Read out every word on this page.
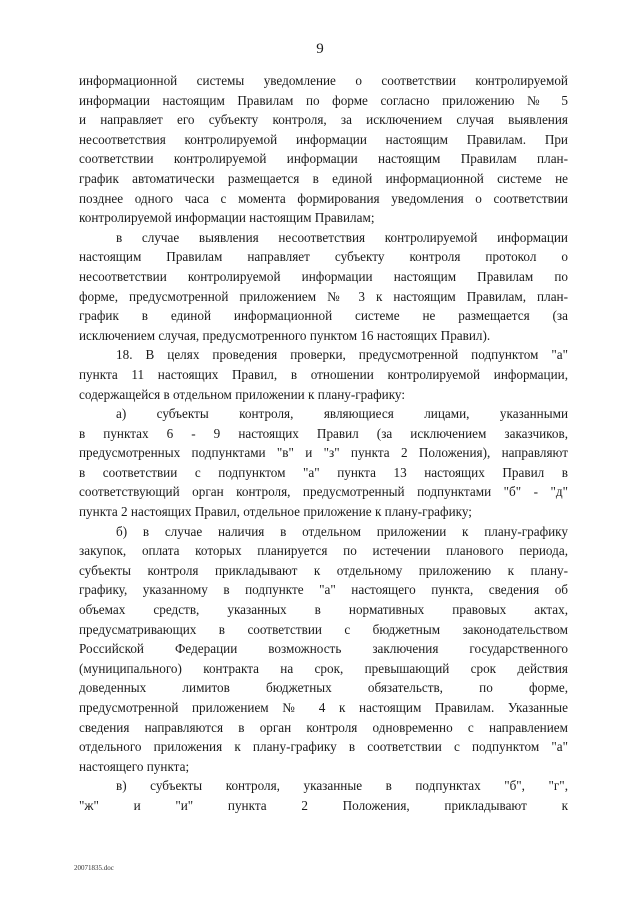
9
информационной системы уведомление о соответствии контролируемой
информации настоящим Правилам по форме согласно приложению № 5
и направляет его субъекту контроля, за исключением случая выявления
несоответствия контролируемой информации настоящим Правилам. При
соответствии контролируемой информации настоящим Правилам план-
график автоматически размещается в единой информационной системе не
позднее одного часа с момента формирования уведомления о соответствии
контролируемой информации настоящим Правилам;
в случае выявления несоответствия контролируемой информации
настоящим Правилам направляет субъекту контроля протокол о
несоответствии контролируемой информации настоящим Правилам по
форме, предусмотренной приложением № 3 к настоящим Правилам, план-
график в единой информационной системе не размещается (за
исключением случая, предусмотренного пунктом 16 настоящих Правил).
18. В целях проведения проверки, предусмотренной подпунктом "а"
пункта 11 настоящих Правил, в отношении контролируемой информации,
содержащейся в отдельном приложении к плану-графику:
а) субъекты контроля, являющиеся лицами, указанными
в пунктах 6 - 9 настоящих Правил (за исключением заказчиков,
предусмотренных подпунктами "в" и "з" пункта 2 Положения), направляют
в соответствии с подпунктом "а" пункта 13 настоящих Правил в
соответствующий орган контроля, предусмотренный подпунктами "б" - "д"
пункта 2 настоящих Правил, отдельное приложение к плану-графику;
б) в случае наличия в отдельном приложении к плану-графику
закупок, оплата которых планируется по истечении планового периода,
субъекты контроля прикладывают к отдельному приложению к плану-
графику, указанному в подпункте "а" настоящего пункта, сведения об
объемах средств, указанных в нормативных правовых актах,
предусматривающих в соответствии с бюджетным законодательством
Российской Федерации возможность заключения государственного
(муниципального) контракта на срок, превышающий срок действия
доведенных лимитов бюджетных обязательств, по форме,
предусмотренной приложением № 4 к настоящим Правилам. Указанные
сведения направляются в орган контроля одновременно с направлением
отдельного приложения к плану-графику в соответствии с подпунктом "а"
настоящего пункта;
в) субъекты контроля, указанные в подпунктах "б", "г",
"ж" и "и" пункта 2 Положения, прикладывают к
20071835.doc
